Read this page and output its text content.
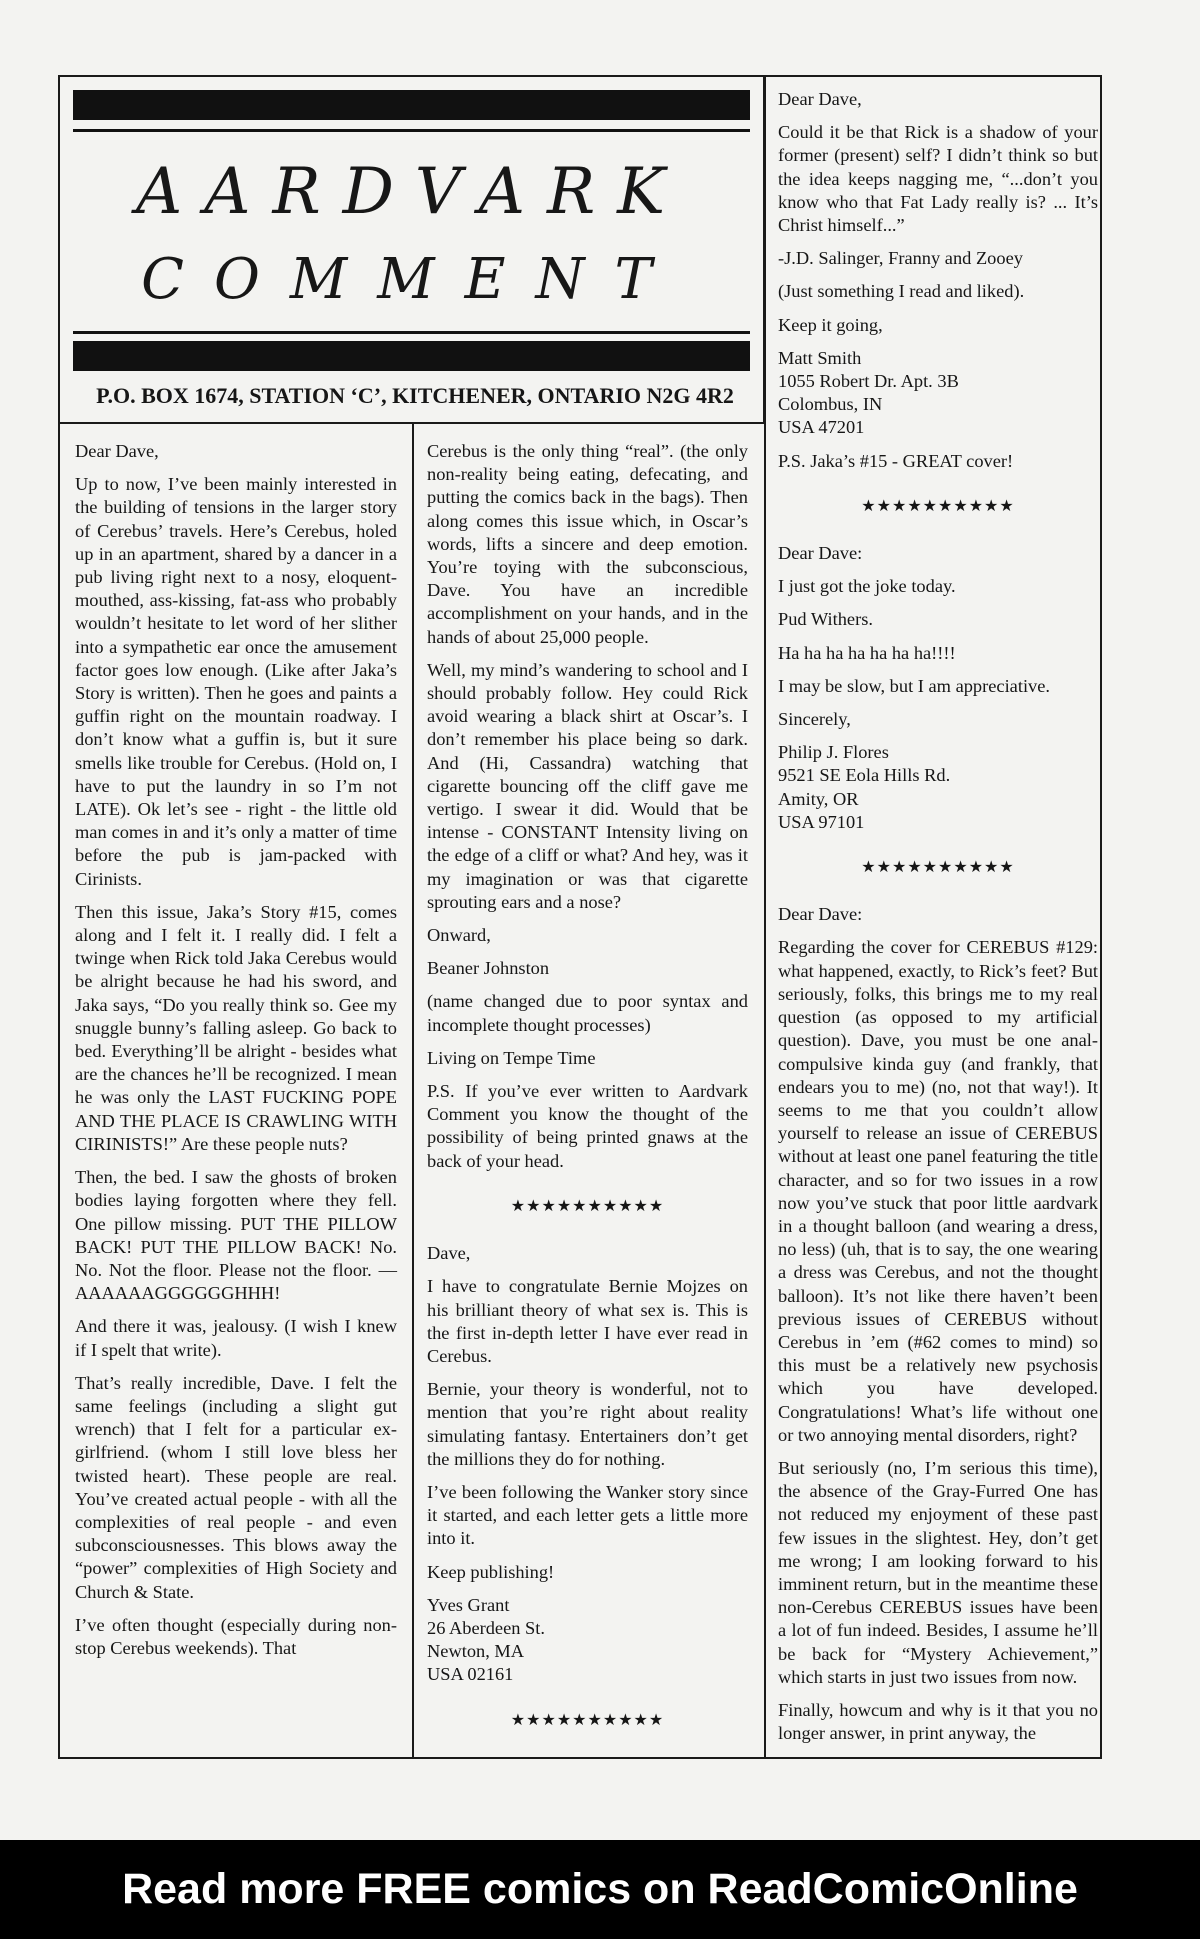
AARDVARK
COMMENT
P.O. BOX 1674, STATION ‘C’, KITCHENER, ONTARIO N2G 4R2

Dear Dave,

Up to now, I’ve been mainly interested in the building of tensions in the larger story of Cerebus’ travels. Here’s Cerebus, holed up in an apartment, shared by a dancer in a pub living right next to a nosy, eloquent-mouthed, ass-kissing, fat-ass who probably wouldn’t hesitate to let word of her slither into a sympathetic ear once the amusement factor goes low enough. (Like after Jaka’s Story is written). Then he goes and paints a guffin right on the mountain roadway. I don’t know what a guffin is, but it sure smells like trouble for Cerebus. (Hold on, I have to put the laundry in so I’m not LATE). Ok let’s see - right - the little old man comes in and it’s only a matter of time before the pub is jam-packed with Cirinists.

Then this issue, Jaka’s Story #15, comes along and I felt it. I really did. I felt a twinge when Rick told Jaka Cerebus would be alright because he had his sword, and Jaka says, “Do you really think so. Gee my snuggle bunny’s falling asleep. Go back to bed. Everything’ll be alright - besides what are the chances he’ll be recognized. I mean he was only the LAST FUCKING POPE AND THE PLACE IS CRAWLING WITH CIRINISTS!” Are these people nuts?

Then, the bed. I saw the ghosts of broken bodies laying forgotten where they fell. One pillow missing. PUT THE PILLOW BACK! PUT THE PILLOW BACK! No. No. Not the floor. Please not the floor. — AAAAAAGGGGGGHHH!

And there it was, jealousy. (I wish I knew if I spelt that write).

That’s really incredible, Dave. I felt the same feelings (including a slight gut wrench) that I felt for a particular ex-girlfriend. (whom I still love bless her twisted heart). These people are real. You’ve created actual people - with all the complexities of real people - and even subconsciousnesses. This blows away the “power” complexities of High Society and Church & State.

I’ve often thought (especially during non-stop Cerebus weekends). That

Cerebus is the only thing “real”. (the only non-reality being eating, defecating, and putting the comics back in the bags). Then along comes this issue which, in Oscar’s words, lifts a sincere and deep emotion. You’re toying with the subconscious, Dave. You have an incredible accomplishment on your hands, and in the hands of about 25,000 people.

Well, my mind’s wandering to school and I should probably follow. Hey could Rick avoid wearing a black shirt at Oscar’s. I don’t remember his place being so dark. And (Hi, Cassandra) watching that cigarette bouncing off the cliff gave me vertigo. I swear it did. Would that be intense - CONSTANT Intensity living on the edge of a cliff or what? And hey, was it my imagination or was that cigarette sprouting ears and a nose?

Onward,

Beaner Johnston

(name changed due to poor syntax and incomplete thought processes)

Living on Tempe Time

P.S. If you’ve ever written to Aardvark Comment you know the thought of the possibility of being printed gnaws at the back of your head.

★★★★★★★★★★

Dave,

I have to congratulate Bernie Mojzes on his brilliant theory of what sex is. This is the first in-depth letter I have ever read in Cerebus.

Bernie, your theory is wonderful, not to mention that you’re right about reality simulating fantasy. Entertainers don’t get the millions they do for nothing.

I’ve been following the Wanker story since it started, and each letter gets a little more into it.

Keep publishing!

Yves Grant
26 Aberdeen St.
Newton, MA
USA 02161

★★★★★★★★★★

Dear Dave,

Could it be that Rick is a shadow of your former (present) self? I didn’t think so but the idea keeps nagging me, “...don’t you know who that Fat Lady really is? ... It’s Christ himself...”

-J.D. Salinger, Franny and Zooey

(Just something I read and liked).

Keep it going,

Matt Smith
1055 Robert Dr. Apt. 3B
Colombus, IN
USA 47201

P.S. Jaka’s #15 - GREAT cover!

★★★★★★★★★★

Dear Dave:

I just got the joke today.

Pud Withers.

Ha ha ha ha ha ha ha!!!!

I may be slow, but I am appreciative.

Sincerely,

Philip J. Flores
9521 SE Eola Hills Rd.
Amity, OR
USA 97101

★★★★★★★★★★

Dear Dave:

Regarding the cover for CEREBUS #129: what happened, exactly, to Rick’s feet? But seriously, folks, this brings me to my real question (as opposed to my artificial question). Dave, you must be one anal-compulsive kinda guy (and frankly, that endears you to me) (no, not that way!). It seems to me that you couldn’t allow yourself to release an issue of CEREBUS without at least one panel featuring the title character, and so for two issues in a row now you’ve stuck that poor little aardvark in a thought balloon (and wearing a dress, no less) (uh, that is to say, the one wearing a dress was Cerebus, and not the thought balloon). It’s not like there haven’t been previous issues of CEREBUS without Cerebus in ’em (#62 comes to mind) so this must be a relatively new psychosis which you have developed. Congratulations! What’s life without one or two annoying mental disorders, right?

But seriously (no, I’m serious this time), the absence of the Gray-Furred One has not reduced my enjoyment of these past few issues in the slightest. Hey, don’t get me wrong; I am looking forward to his imminent return, but in the meantime these non-Cerebus CEREBUS issues have been a lot of fun indeed. Besides, I assume he’ll be back for “Mystery Achievement,” which starts in just two issues from now.

Finally, howcum and why is it that you no longer answer, in print anyway, the

Read more FREE comics on ReadComicOnline
